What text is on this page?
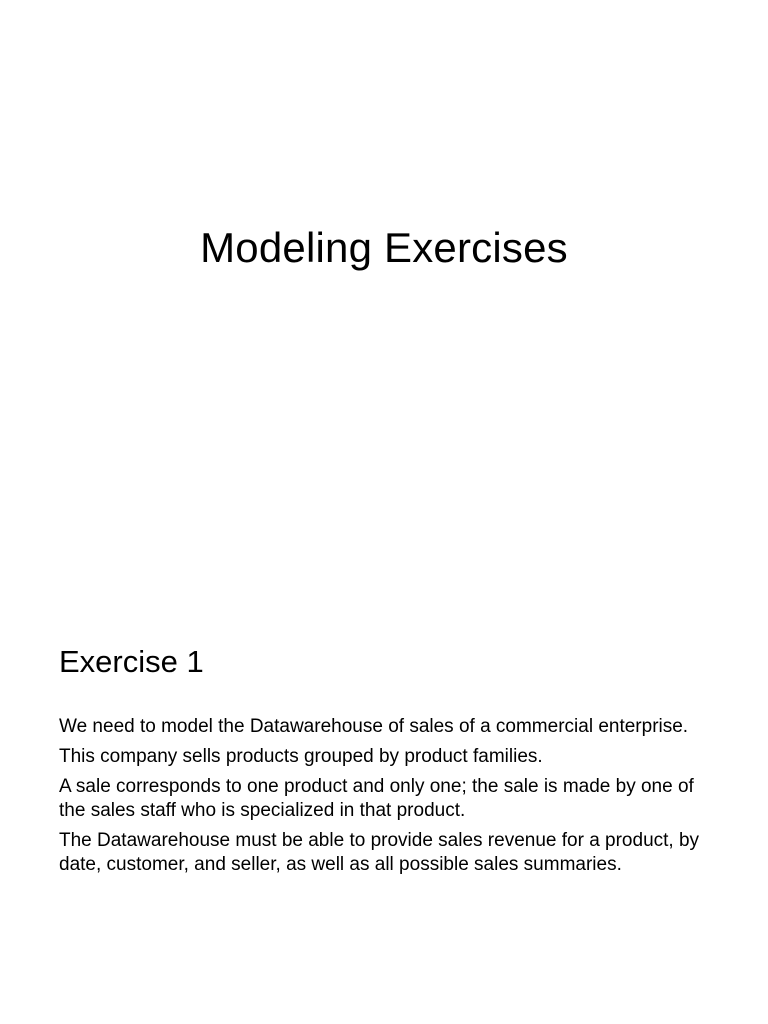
Modeling Exercises
Exercise 1
We need to model the Datawarehouse of sales of a commercial enterprise.
This company sells products grouped by product families.
A sale corresponds to one product and only one; the sale is made by one of the sales staff who is specialized in that product.
The Datawarehouse must be able to provide sales revenue for a product, by date, customer, and seller, as well as all possible sales summaries.
